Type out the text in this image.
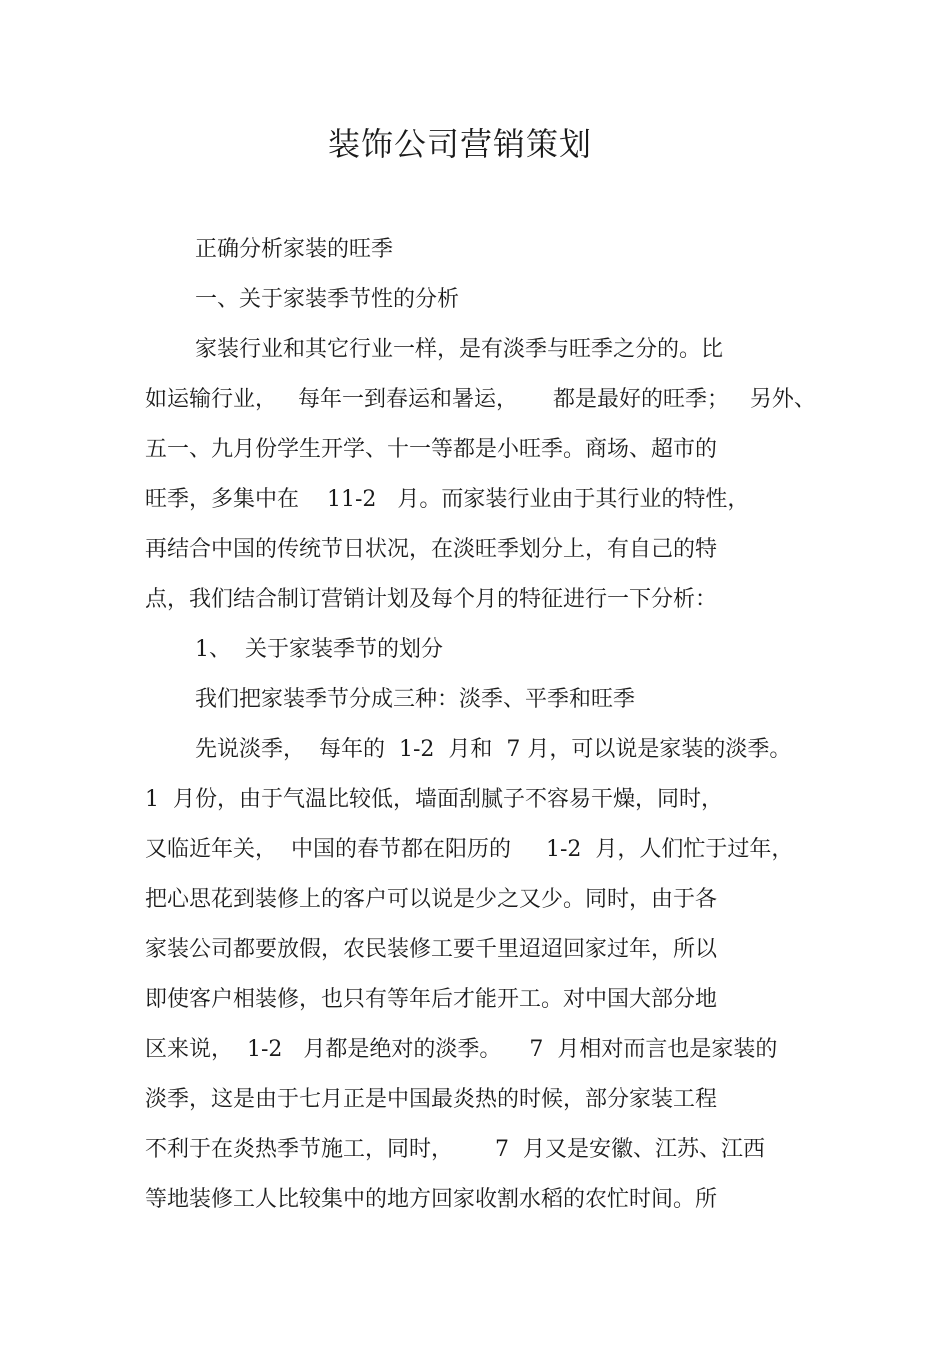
装饰公司营销策划
正确分析家装的旺季
一、关于家装季节性的分析
家装行业和其它行业一样，是有淡季与旺季之分的。比
如运输行业，   每年一到春运和暑运，     都是最好的旺季；   另外、
五一、九月份学生开学、十一等都是小旺季。商场、超市的
旺季，多集中在    11-2   月。而家装行业由于其行业的特性，
再结合中国的传统节日状况，在淡旺季划分上，有自己的特
点，我们结合制订营销计划及每个月的特征进行一下分析：
1、  关于家装季节的划分
我们把家装季节分成三种：淡季、平季和旺季
先说淡季，  每年的  1-2  月和  7 月，可以说是家装的淡季。
1  月份，由于气温比较低，墙面刮腻子不容易干燥，同时，
又临近年关，  中国的春节都在阳历的     1-2  月，人们忙于过年，
把心思花到装修上的客户可以说是少之又少。同时，由于各
家装公司都要放假，农民装修工要千里迢迢回家过年，所以
即使客户相装修，也只有等年后才能开工。对中国大部分地
区来说，  1-2   月都是绝对的淡季。    7  月相对而言也是家装的
淡季，这是由于七月正是中国最炎热的时候，部分家装工程
不利于在炎热季节施工，同时，      7  月又是安徽、江苏、江西
等地装修工人比较集中的地方回家收割水稻的农忙时间。所
